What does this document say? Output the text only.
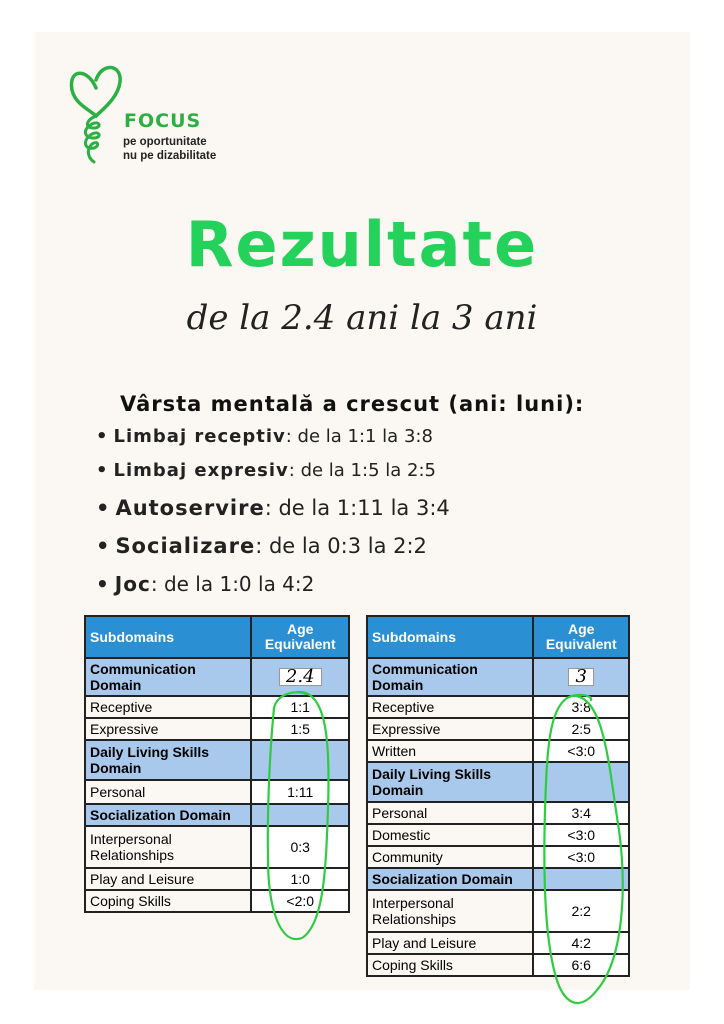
FOCUS
pe oportunitate
nu pe dizabilitate
Rezultate
de la 2.4 ani la 3 ani
Vârsta mentală a crescut (ani: luni):
• Limbaj receptiv: de la 1:1 la 3:8
• Limbaj expresiv: de la 1:5 la 2:5
• Autoservire: de la 1:11 la 3:4
• Socializare: de la 0:3 la 2:2
• Joc: de la 1:0 la 4:2
Subdomains	Age Equivalent
Communication Domain	2.4
Receptive	1:1
Expressive	1:5
Daily Living Skills Domain	
Personal	1:11
Socialization Domain	
Interpersonal Relationships	0:3
Play and Leisure	1:0
Coping Skills	<2:0
Subdomains	Age Equivalent
Communication Domain	3
Receptive	3:8
Expressive	2:5
Written	<3:0
Daily Living Skills Domain	
Personal	3:4
Domestic	<3:0
Community	<3:0
Socialization Domain	
Interpersonal Relationships	2:2
Play and Leisure	4:2
Coping Skills	6:6
